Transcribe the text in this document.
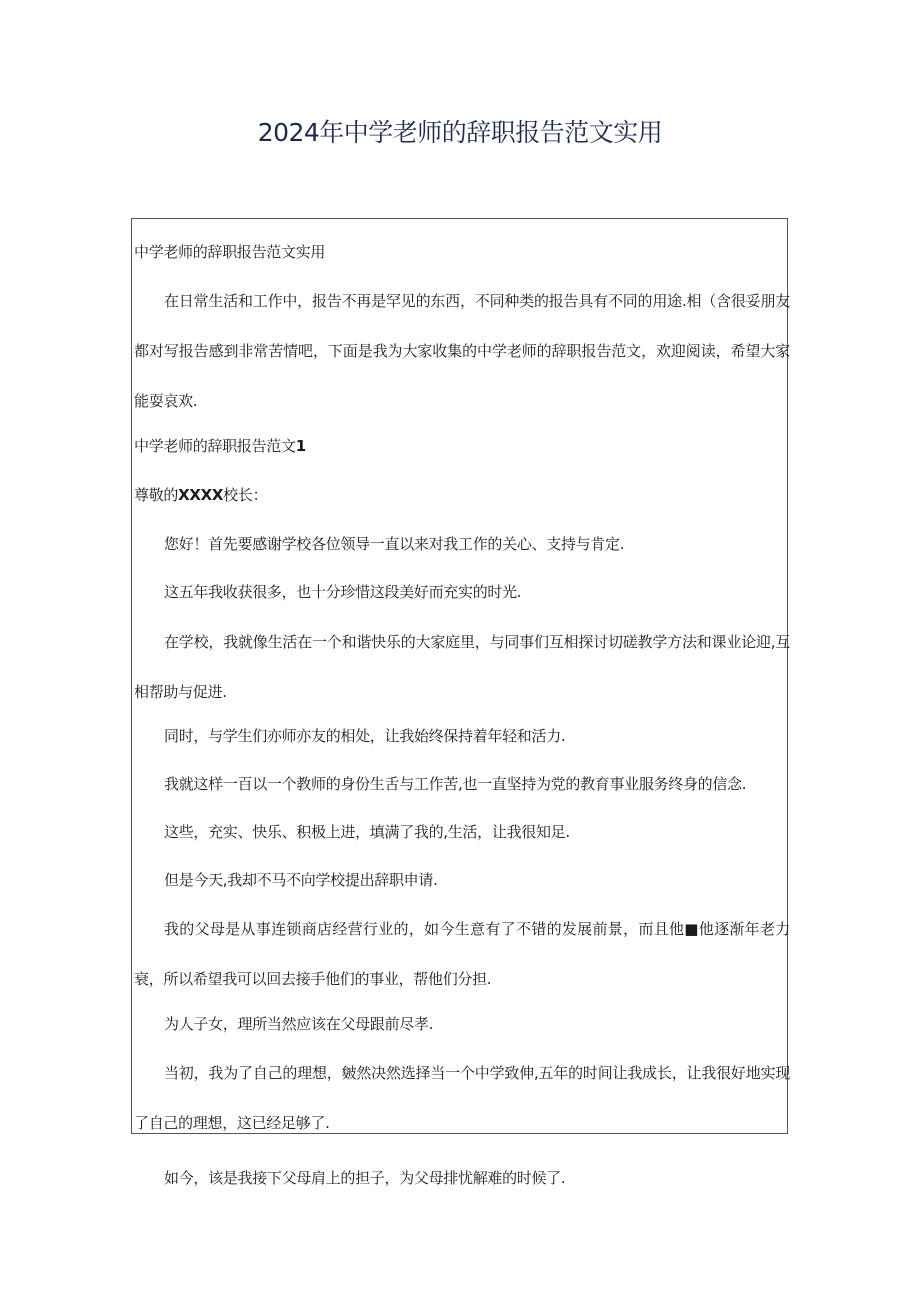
2024年中学老师的辞职报告范文实用

中学老师的辞职报告范文实用

在日常生活和工作中，报告不再是罕见的东西，不同种类的报告具有不同的用途.相（含很妥朋友都对写报告感到非常苦情吧，下面是我为大家收集的中学老师的辞职报告范文，欢迎阅读，希望大家能耍哀欢.

中学老师的辞职报告范文1

尊敬的XXXX校长：

您好！首先要感谢学校各位领导一直以来对我工作的关心、支持与肯定.

这五年我收获很多，也十分珍惜这段美好而充实的时光.

在学校，我就像生活在一个和谐快乐的大家庭里，与同事们互相探讨切磋教学方法和课业论迎,互相帮助与促进.

同时，与学生们亦师亦友的相处，让我始终保持着年轻和活力.

我就这样一百以一个教师的身份生舌与工作苦,也一直坚持为党的教育事业服务终身的信念.

这些，充实、快乐、积极上进，填满了我的,生活，让我很知足.

但是今天,我却不马不向学校提出辞职申请.

我的父母是从事连锁商店经营行业的，如今生意有了不错的发展前景，而且他■他逐渐年老力衰，所以希望我可以回去接手他们的事业，帮他们分担.

为人子女，理所当然应该在父母跟前尽孝.

当初，我为了自己的理想，皴然决然选择当一个中学致伸,五年的时间让我成长，让我很好地实现了自己的理想，这已经足够了.

如今，该是我接下父母肩上的担子，为父母排忧解难的时候了.
